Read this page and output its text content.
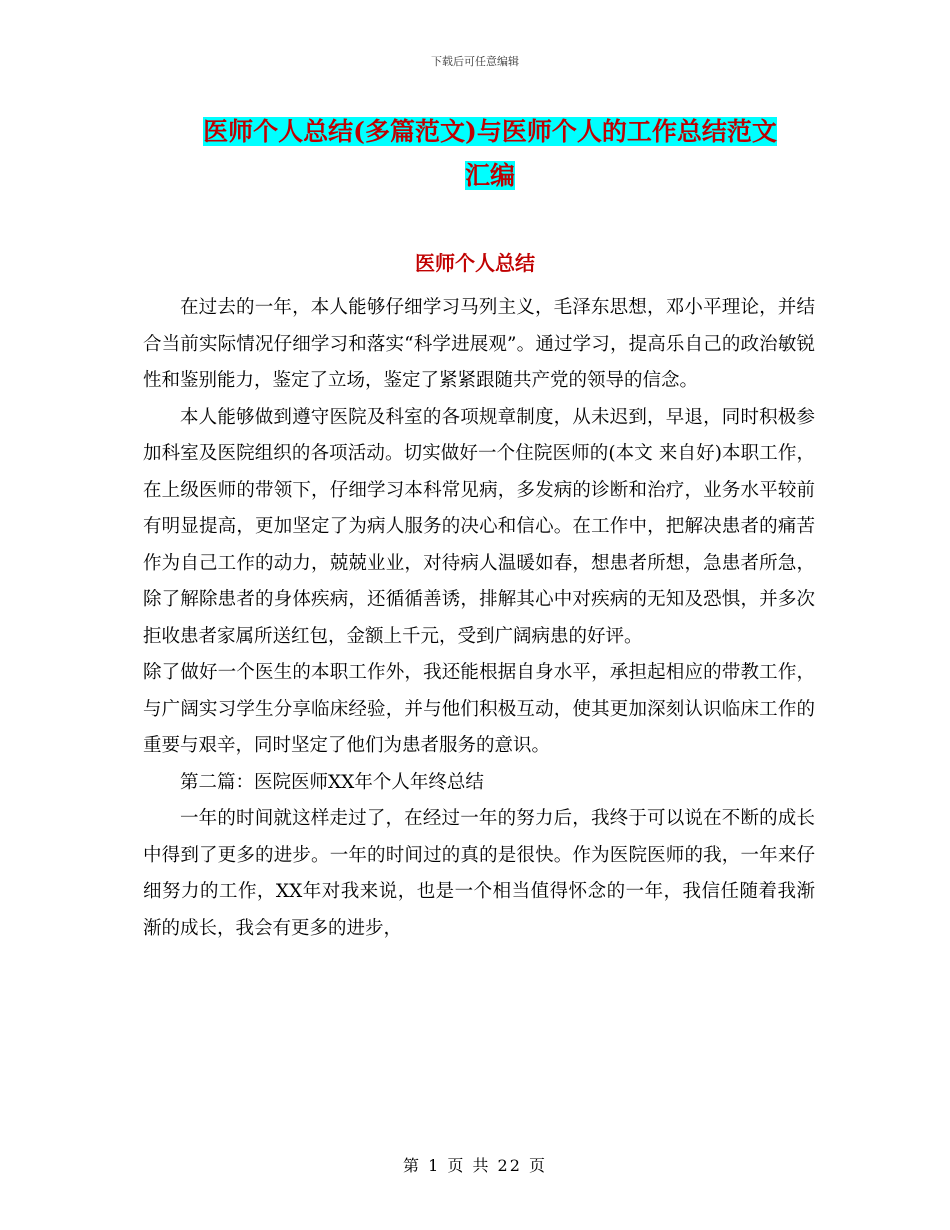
下载后可任意编辑
医师个人总结(多篇范文)与医师个人的工作总结范文
汇编
医师个人总结

在过去的一年，本人能够仔细学习马列主义，毛泽东思想，邓小平理论，并结合当前实际情况仔细学习和落实“科学进展观”。通过学习，提高乐自己的政治敏锐性和鉴别能力，鉴定了立场，鉴定了紧紧跟随共产党的领导的信念。

本人能够做到遵守医院及科室的各项规章制度，从未迟到，早退，同时积极参加科室及医院组织的各项活动。切实做好一个住院医师的(本文 来自好)本职工作，在上级医师的带领下，仔细学习本科常见病，多发病的诊断和治疗，业务水平较前有明显提高，更加坚定了为病人服务的决心和信心。在工作中，把解决患者的痛苦作为自己工作的动力，兢兢业业，对待病人温暖如春，想患者所想，急患者所急，除了解除患者的身体疾病，还循循善诱，排解其心中对疾病的无知及恐惧，并多次拒收患者家属所送红包，金额上千元，受到广阔病患的好评。

除了做好一个医生的本职工作外，我还能根据自身水平，承担起相应的带教工作，与广阔实习学生分享临床经验，并与他们积极互动，使其更加深刻认识临床工作的重要与艰辛，同时坚定了他们为患者服务的意识。

第二篇：医院医师XX年个人年终总结

一年的时间就这样走过了，在经过一年的努力后，我终于可以说在不断的成长中得到了更多的进步。一年的时间过的真的是很快。作为医院医师的我，一年来仔细努力的工作，XX年对我来说，也是一个相当值得怀念的一年，我信任随着我渐渐的成长，我会有更多的进步，

第 1 页 共 22 页
